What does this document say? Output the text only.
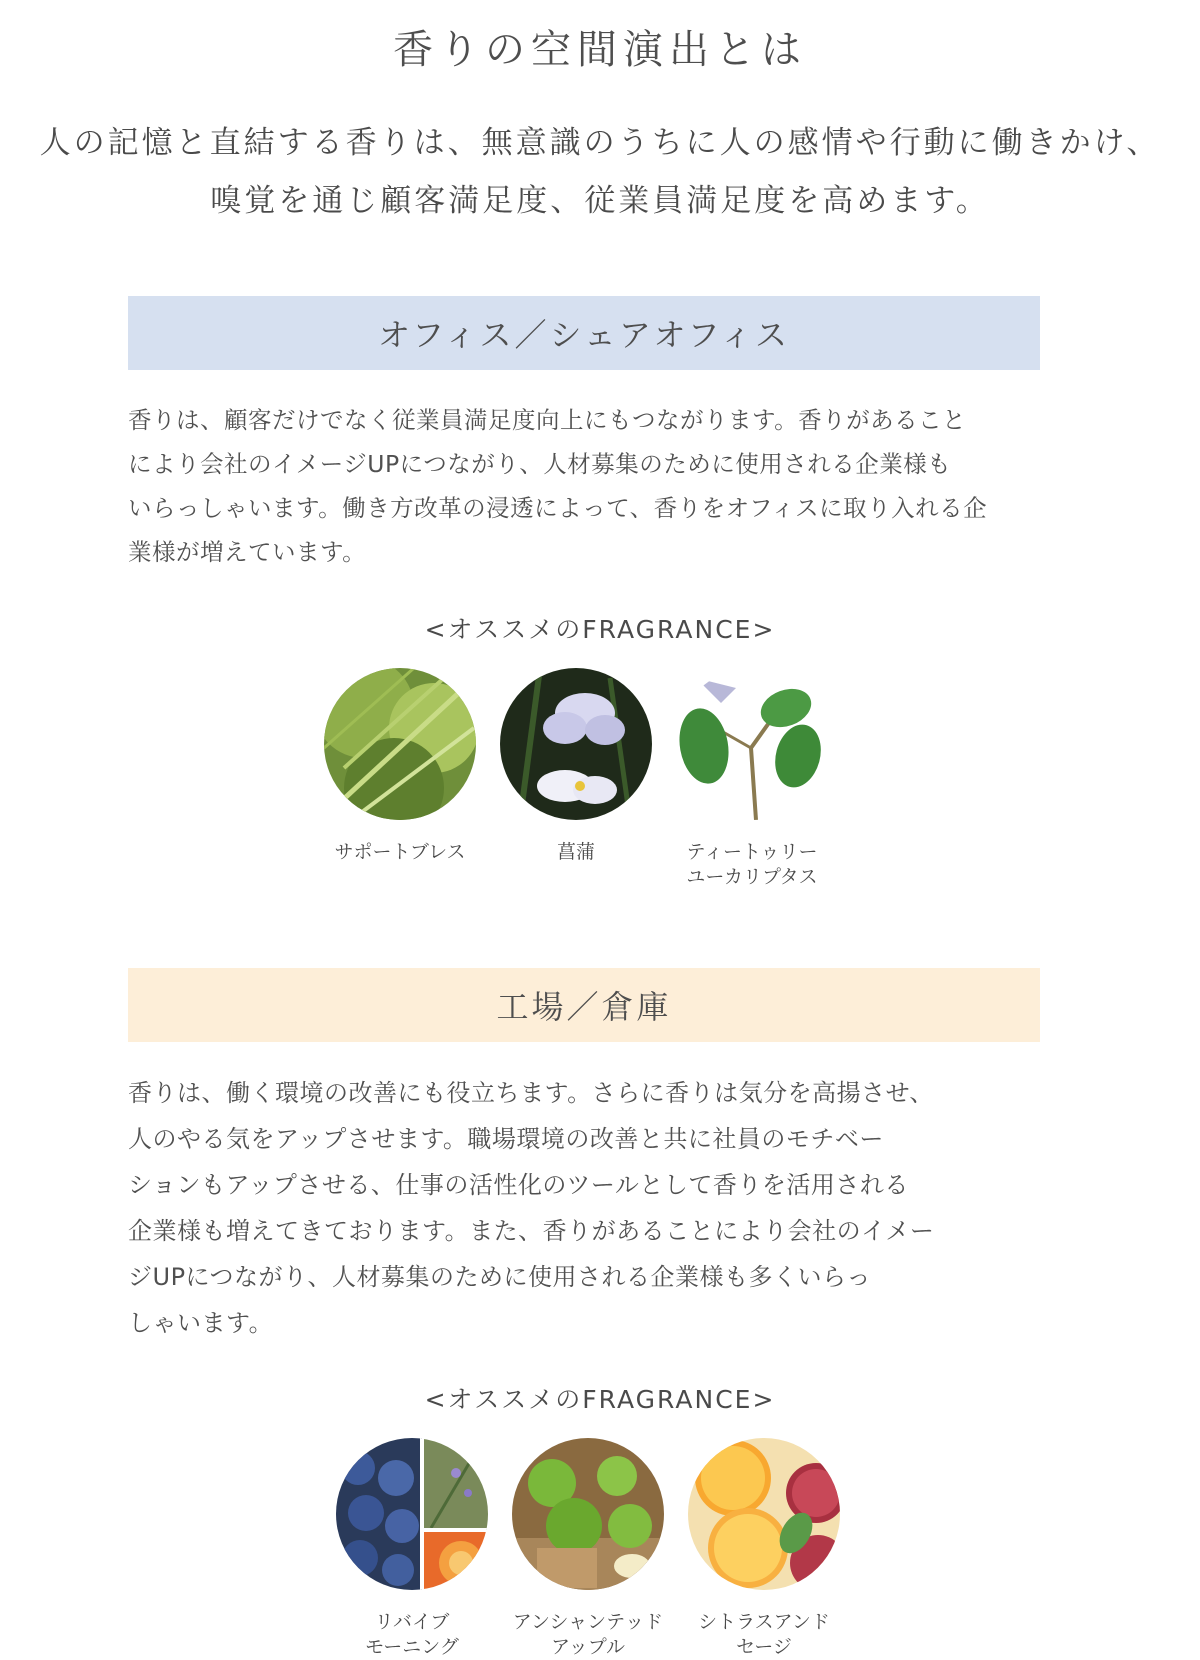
香りの空間演出とは
人の記憶と直結する香りは、無意識のうちに人の感情や行動に働きかけ、
嗅覚を通じ顧客満足度、従業員満足度を高めます。
オフィス／シェアオフィス
香りは、顧客だけでなく従業員満足度向上にもつながります。香りがあること
により会社のイメージUPにつながり、人材募集のために使用される企業様も
いらっしゃいます。働き方改革の浸透によって、香りをオフィスに取り入れる企
業様が増えています。
<オススメのFRAGRANCE>
サポートブレス	菖蒲	ティートゥリー
ユーカリプタス
工場／倉庫
香りは、働く環境の改善にも役立ちます。さらに香りは気分を高揚させ、
人のやる気をアップさせます。職場環境の改善と共に社員のモチベー
ションもアップさせる、仕事の活性化のツールとして香りを活用される
企業様も増えてきております。また、香りがあることにより会社のイメー
ジUPにつながり、人材募集のために使用される企業様も多くいらっ
しゃいます。
<オススメのFRAGRANCE>
リバイブ
モーニング
アンシャンテッド
アップル
シトラスアンド
セージ
